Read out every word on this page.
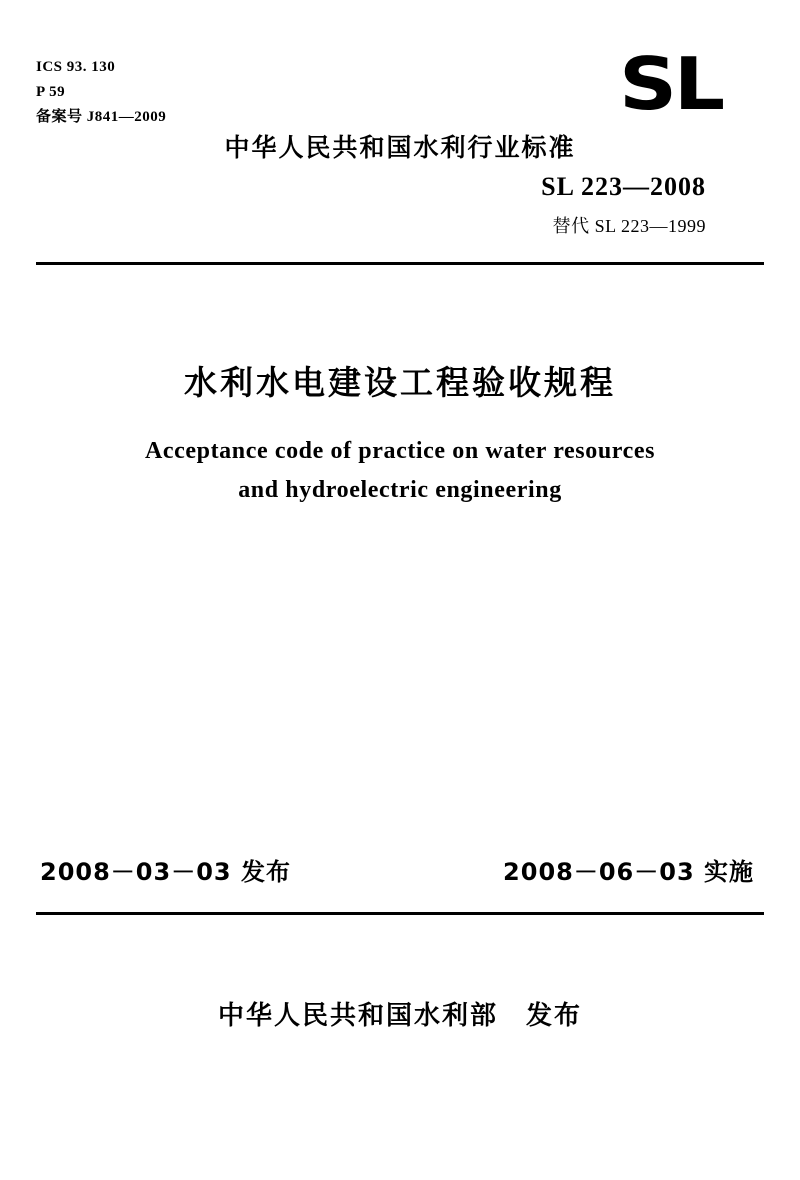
ICS 93. 130
P 59
备案号 J841—2009	SL
中华人民共和国水利行业标准
SL 223—2008
替代 SL 223—1999
水利水电建设工程验收规程
Acceptance code of practice on water resources
and hydroelectric engineering
2008－03－03 发布	2008－06－03 实施
中华人民共和国水利部　发布
